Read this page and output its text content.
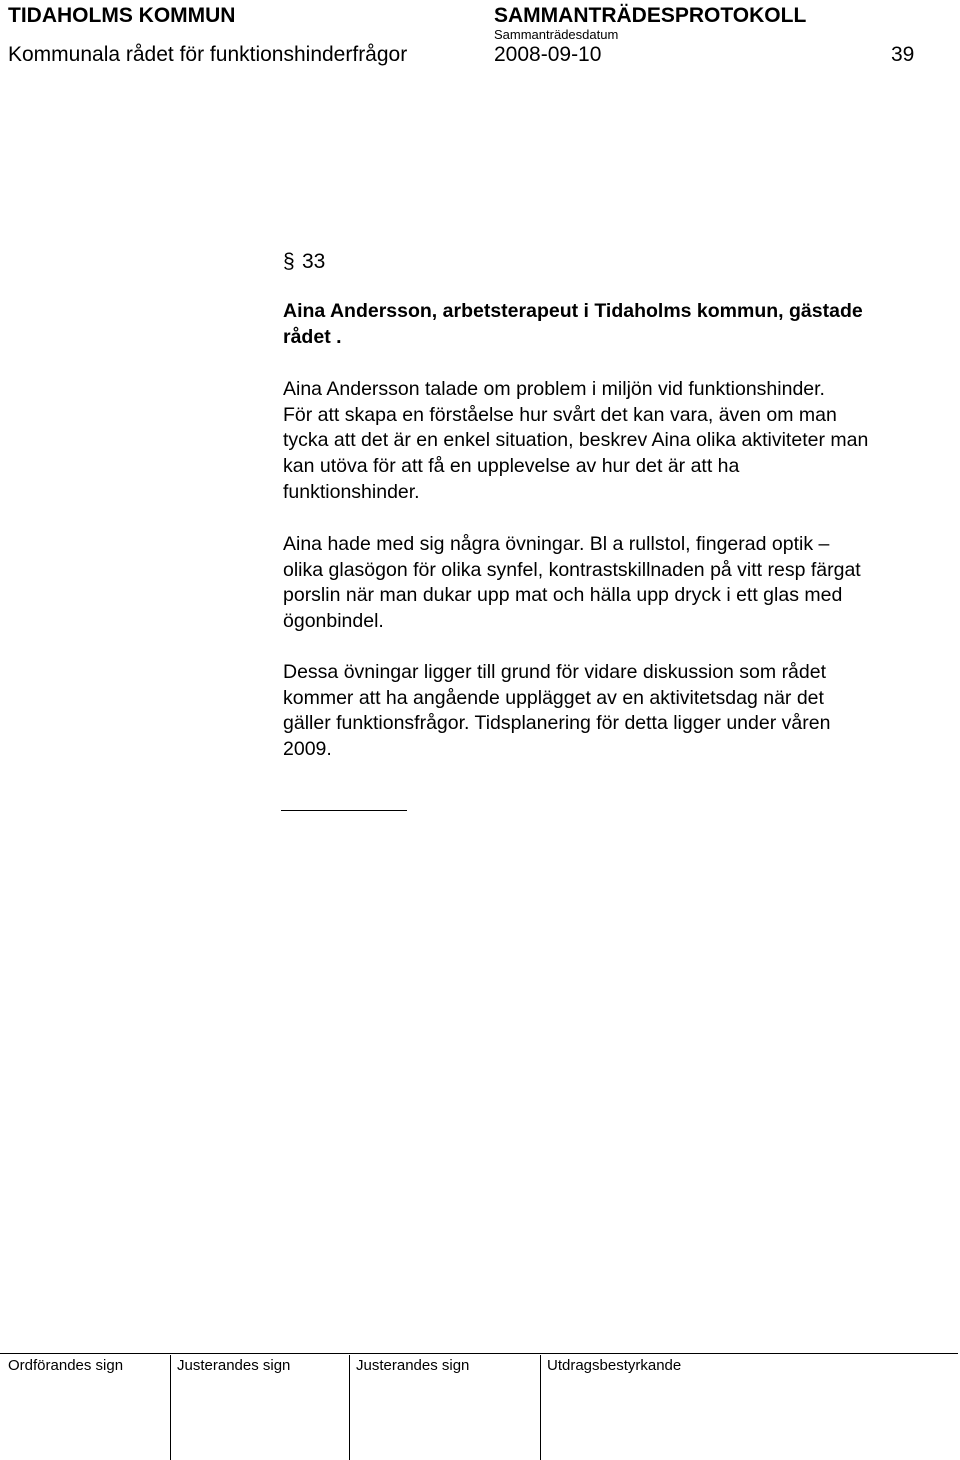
TIDAHOLMS KOMMUN	SAMMANTRÄDESPROTOKOLL
Sammanträdesdatum
Kommunala rådet för funktionshinderfrågor	2008-09-10	39
§ 33
Aina Andersson, arbetsterapeut i Tidaholms kommun, gästade
rådet .
Aina Andersson talade om problem i miljön vid funktionshinder.
För att skapa en förståelse hur svårt det kan vara, även om man
tycka att det är en enkel situation, beskrev Aina olika aktiviteter man
kan utöva för att få en upplevelse av hur det är att ha
funktionshinder.
Aina hade med sig några övningar. Bl a rullstol, fingerad optik –
olika glasögon för olika synfel, kontrastskillnaden på vitt resp färgat
porslin när man dukar upp mat och hälla upp dryck i ett glas med
ögonbindel.
Dessa övningar ligger till grund för vidare diskussion som rådet
kommer att ha angående upplägget av en aktivitetsdag när det
gäller funktionsfrågor. Tidsplanering för detta ligger under våren
2009.
Ordförandes sign	Justerandes sign	Justerandes sign	Utdragsbestyrkande
